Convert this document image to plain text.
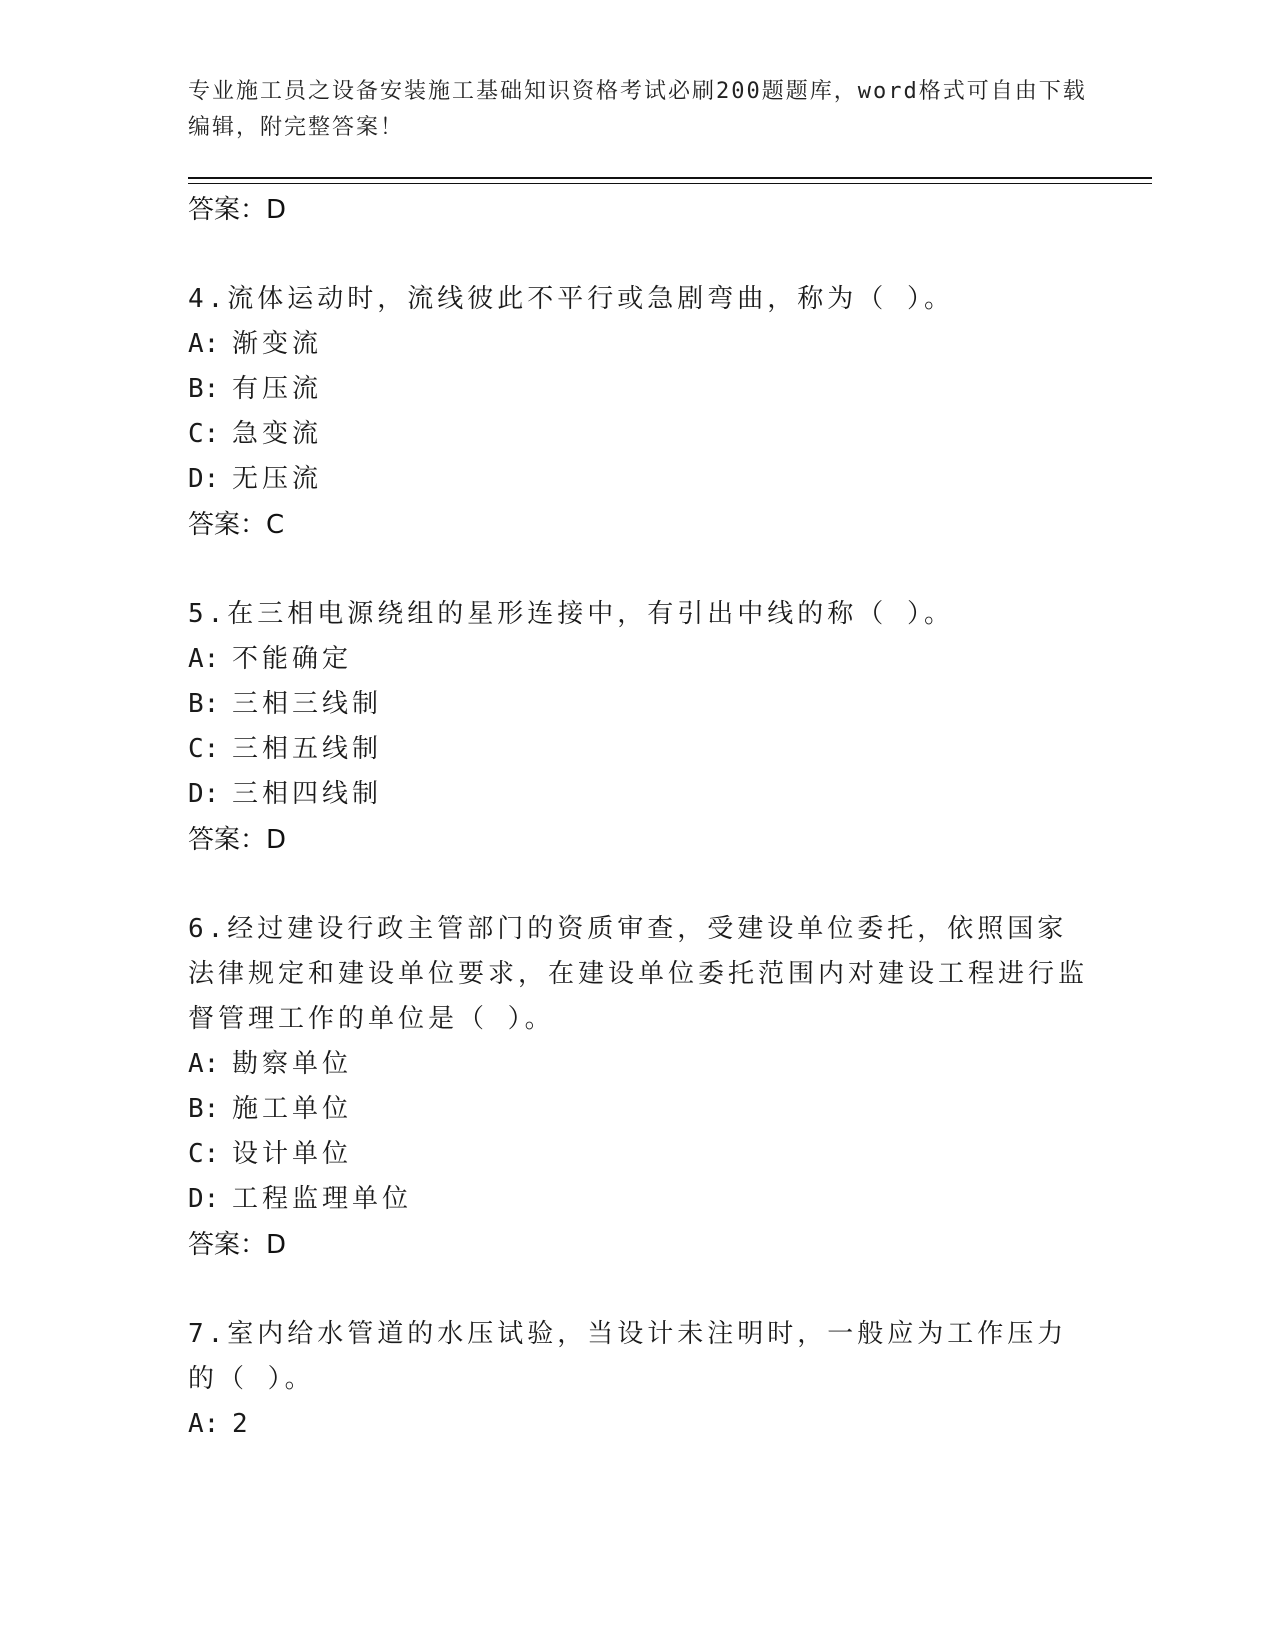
专业施工员之设备安装施工基础知识资格考试必刷200题题库，word格式可自由下载编辑，附完整答案！
答案：D
4.流体运动时，流线彼此不平行或急剧弯曲，称为（ ）。
A: 渐变流
B: 有压流
C: 急变流
D: 无压流
答案：C
5.在三相电源绕组的星形连接中，有引出中线的称（ ）。
A: 不能确定
B: 三相三线制
C: 三相五线制
D: 三相四线制
答案：D
6.经过建设行政主管部门的资质审查，受建设单位委托，依照国家法律规定和建设单位要求，在建设单位委托范围内对建设工程进行监督管理工作的单位是（ ）。
A: 勘察单位
B: 施工单位
C: 设计单位
D: 工程监理单位
答案：D
7.室内给水管道的水压试验，当设计未注明时，一般应为工作压力的（ ）。
A: 2
